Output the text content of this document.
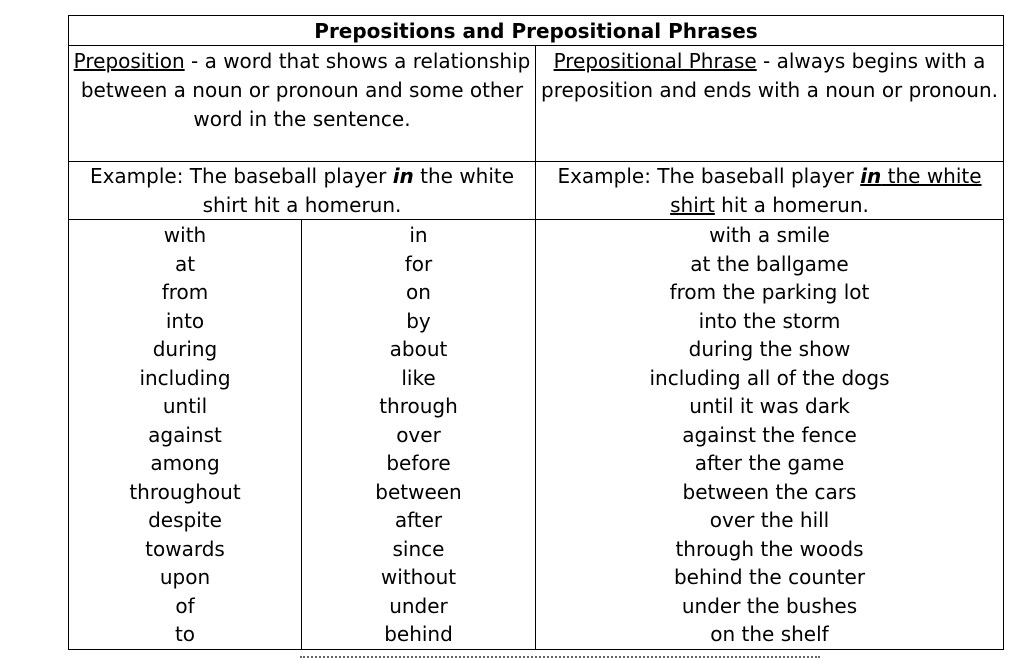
Prepositions and Prepositional Phrases
Preposition - a word that shows a relationship between a noun or pronoun and some other word in the sentence.
Prepositional Phrase - always begins with a preposition and ends with a noun or pronoun.
Example: The baseball player in the white shirt hit a homerun.
Example: The baseball player in the white shirt hit a homerun.
with
at
from
into
during
including
until
against
among
throughout
despite
towards
upon
of
to
in
for
on
by
about
like
through
over
before
between
after
since
without
under
behind
with a smile
at the ballgame
from the parking lot
into the storm
during the show
including all of the dogs
until it was dark
against the fence
after the game
between the cars
over the hill
through the woods
behind the counter
under the bushes
on the shelf
